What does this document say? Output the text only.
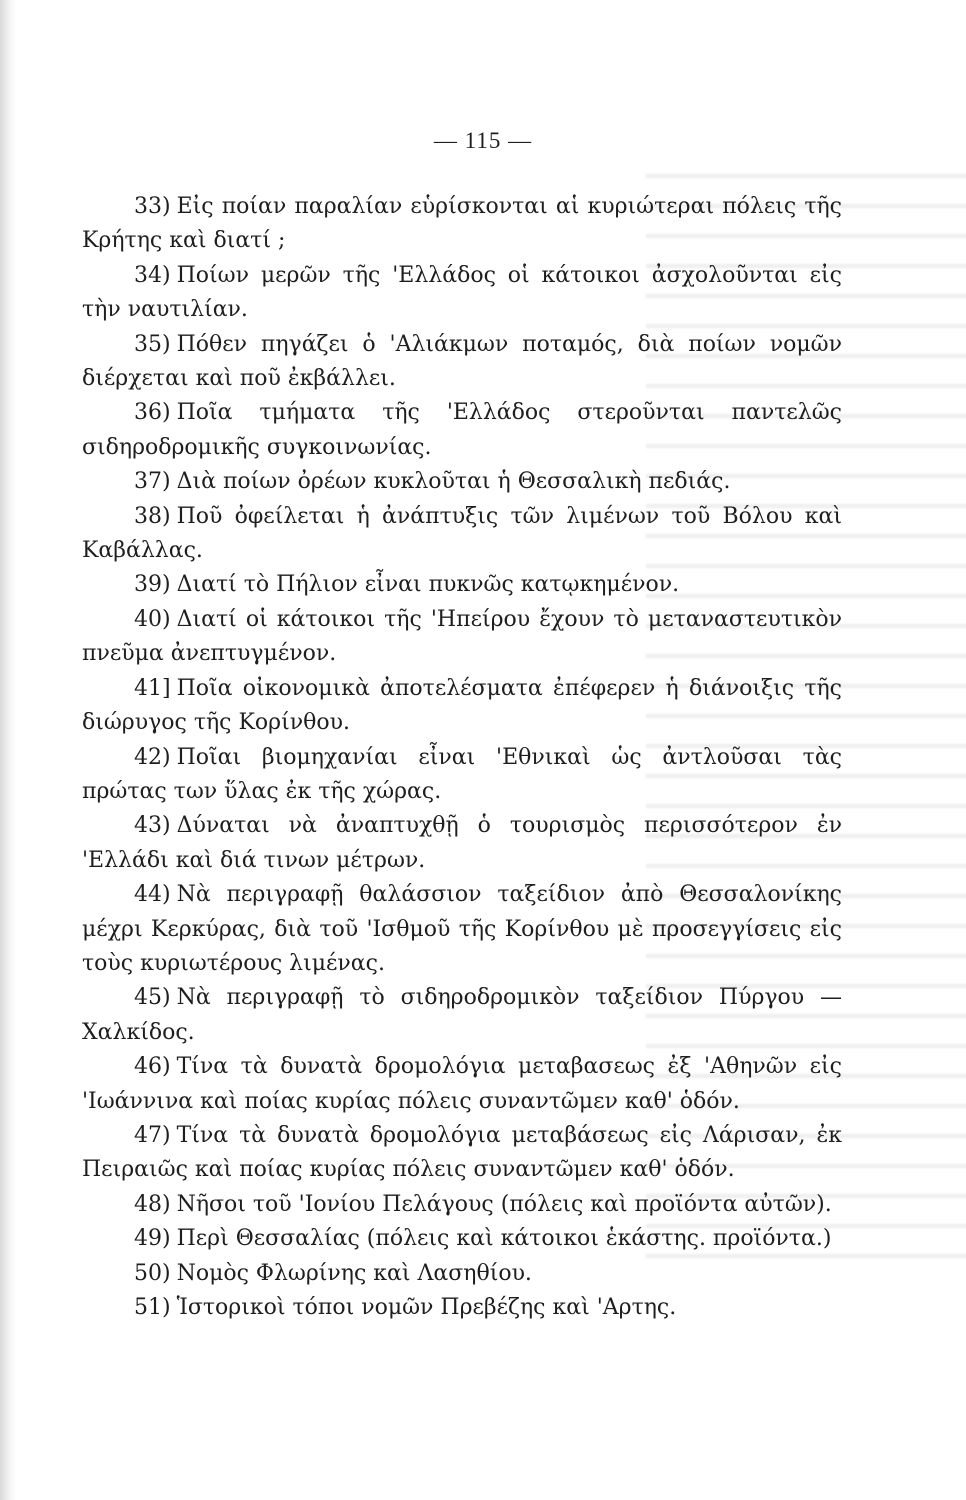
— 115 —

33) Εἰς ποίαν παραλίαν εὑρίσκονται αἱ κυριώτεραι πόλεις τῆς Κρήτης καὶ διατί ;

34) Ποίων μερῶν τῆς 'Ελλάδος οἱ κάτοικοι ἀσχολοῦνται εἰς τὴν ναυτιλίαν.

35) Πόθεν πηγάζει ὁ 'Αλιάκμων ποταμός, διὰ ποίων νομῶν διέρχεται καὶ ποῦ ἐκβάλλει.

36) Ποῖα τμήματα τῆς 'Ελλάδος στεροῦνται παντελῶς σιδηροδρομικῆς συγκοινωνίας.

37) Διὰ ποίων ὀρέων κυκλοῦται ἡ Θεσσαλικὴ πεδιάς.

38) Ποῦ ὀφείλεται ἡ ἀνάπτυξις τῶν λιμένων τοῦ Βόλου καὶ Καβάλλας.

39) Διατί τὸ Πήλιον εἶναι πυκνῶς κατῳκημένον.

40) Διατί οἱ κάτοικοι τῆς 'Ηπείρου ἔχουν τὸ μεταναστευτικὸν πνεῦμα ἀνεπτυγμένον.

41] Ποῖα οἰκονομικὰ ἀποτελέσματα ἐπέφερεν ἡ διάνοιξις τῆς διώρυγος τῆς Κορίνθου.

42) Ποῖαι βιομηχανίαι εἶναι 'Εθνικαὶ ὡς ἀντλοῦσαι τὰς πρώτας των ὕλας ἐκ τῆς χώρας.

43) Δύναται νὰ ἀναπτυχθῇ ὁ τουρισμὸς περισσότερον ἐν 'Ελλάδι καὶ διά τινων μέτρων.

44) Νὰ περιγραφῇ θαλάσσιον ταξείδιον ἀπὸ Θεσσαλονίκης μέχρι Κερκύρας, διὰ τοῦ 'Ισθμοῦ τῆς Κορίνθου μὲ προσεγγίσεις εἰς τοὺς κυριωτέρους λιμένας.

45) Νὰ περιγραφῇ τὸ σιδηροδρομικὸν ταξείδιον Πύργου —Χαλκίδος.

46) Τίνα τὰ δυνατὰ δρομολόγια μεταβασεως ἐξ 'Αθηνῶν εἰς 'Ιωάννινα καὶ ποίας κυρίας πόλεις συναντῶμεν καθ' ὁδόν.

47) Τίνα τὰ δυνατὰ δρομολόγια μεταβάσεως εἰς Λάρισαν, ἐκ Πειραιῶς καὶ ποίας κυρίας πόλεις συναντῶμεν καθ' ὁδόν.

48) Νῆσοι τοῦ 'Ιονίου Πελάγους (πόλεις καὶ προϊόντα αὐτῶν).

49) Περὶ Θεσσαλίας (πόλεις καὶ κάτοικοι ἑκάστης. προϊόντα.)

50) Νομὸς Φλωρίνης καὶ Λασηθίου.

51) Ἱστορικοὶ τόποι νομῶν Πρεβέζης καὶ 'Αρτης.
